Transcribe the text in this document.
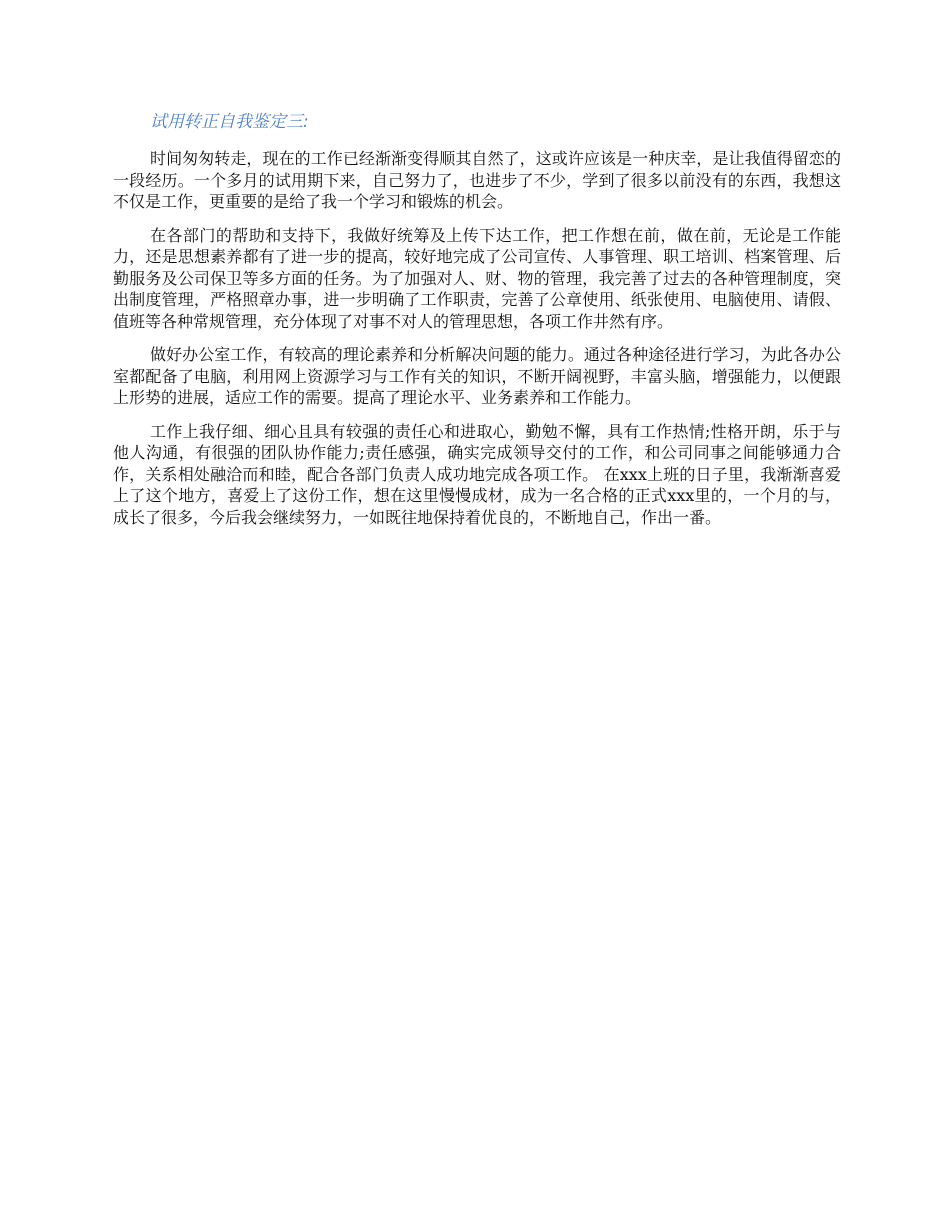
试用转正自我鉴定三:

时间匆匆转走，现在的工作已经渐渐变得顺其自然了，这或许应该是一种庆幸，是让我值得留恋的一段经历。一个多月的试用期下来，自己努力了，也进步了不少，学到了很多以前没有的东西，我想这不仅是工作，更重要的是给了我一个学习和锻炼的机会。

在各部门的帮助和支持下，我做好统筹及上传下达工作，把工作想在前，做在前，无论是工作能力，还是思想素养都有了进一步的提高，较好地完成了公司宣传、人事管理、职工培训、档案管理、后勤服务及公司保卫等多方面的任务。为了加强对人、财、物的管理，我完善了过去的各种管理制度，突出制度管理，严格照章办事，进一步明确了工作职责，完善了公章使用、纸张使用、电脑使用、请假、值班等各种常规管理，充分体现了对事不对人的管理思想，各项工作井然有序。

做好办公室工作，有较高的理论素养和分析解决问题的能力。通过各种途径进行学习，为此各办公室都配备了电脑，利用网上资源学习与工作有关的知识，不断开阔视野，丰富头脑，增强能力，以便跟上形势的进展，适应工作的需要。提高了理论水平、业务素养和工作能力。

工作上我仔细、细心且具有较强的责任心和进取心，勤勉不懈，具有工作热情;性格开朗，乐于与他人沟通，有很强的团队协作能力;责任感强，确实完成领导交付的工作，和公司同事之间能够通力合作，关系相处融洽而和睦，配合各部门负责人成功地完成各项工作。 在xxx上班的日子里，我渐渐喜爱上了这个地方，喜爱上了这份工作，想在这里慢慢成材，成为一名合格的正式xxx里的，一个月的与，成长了很多，今后我会继续努力，一如既往地保持着优良的，不断地自己，作出一番。
